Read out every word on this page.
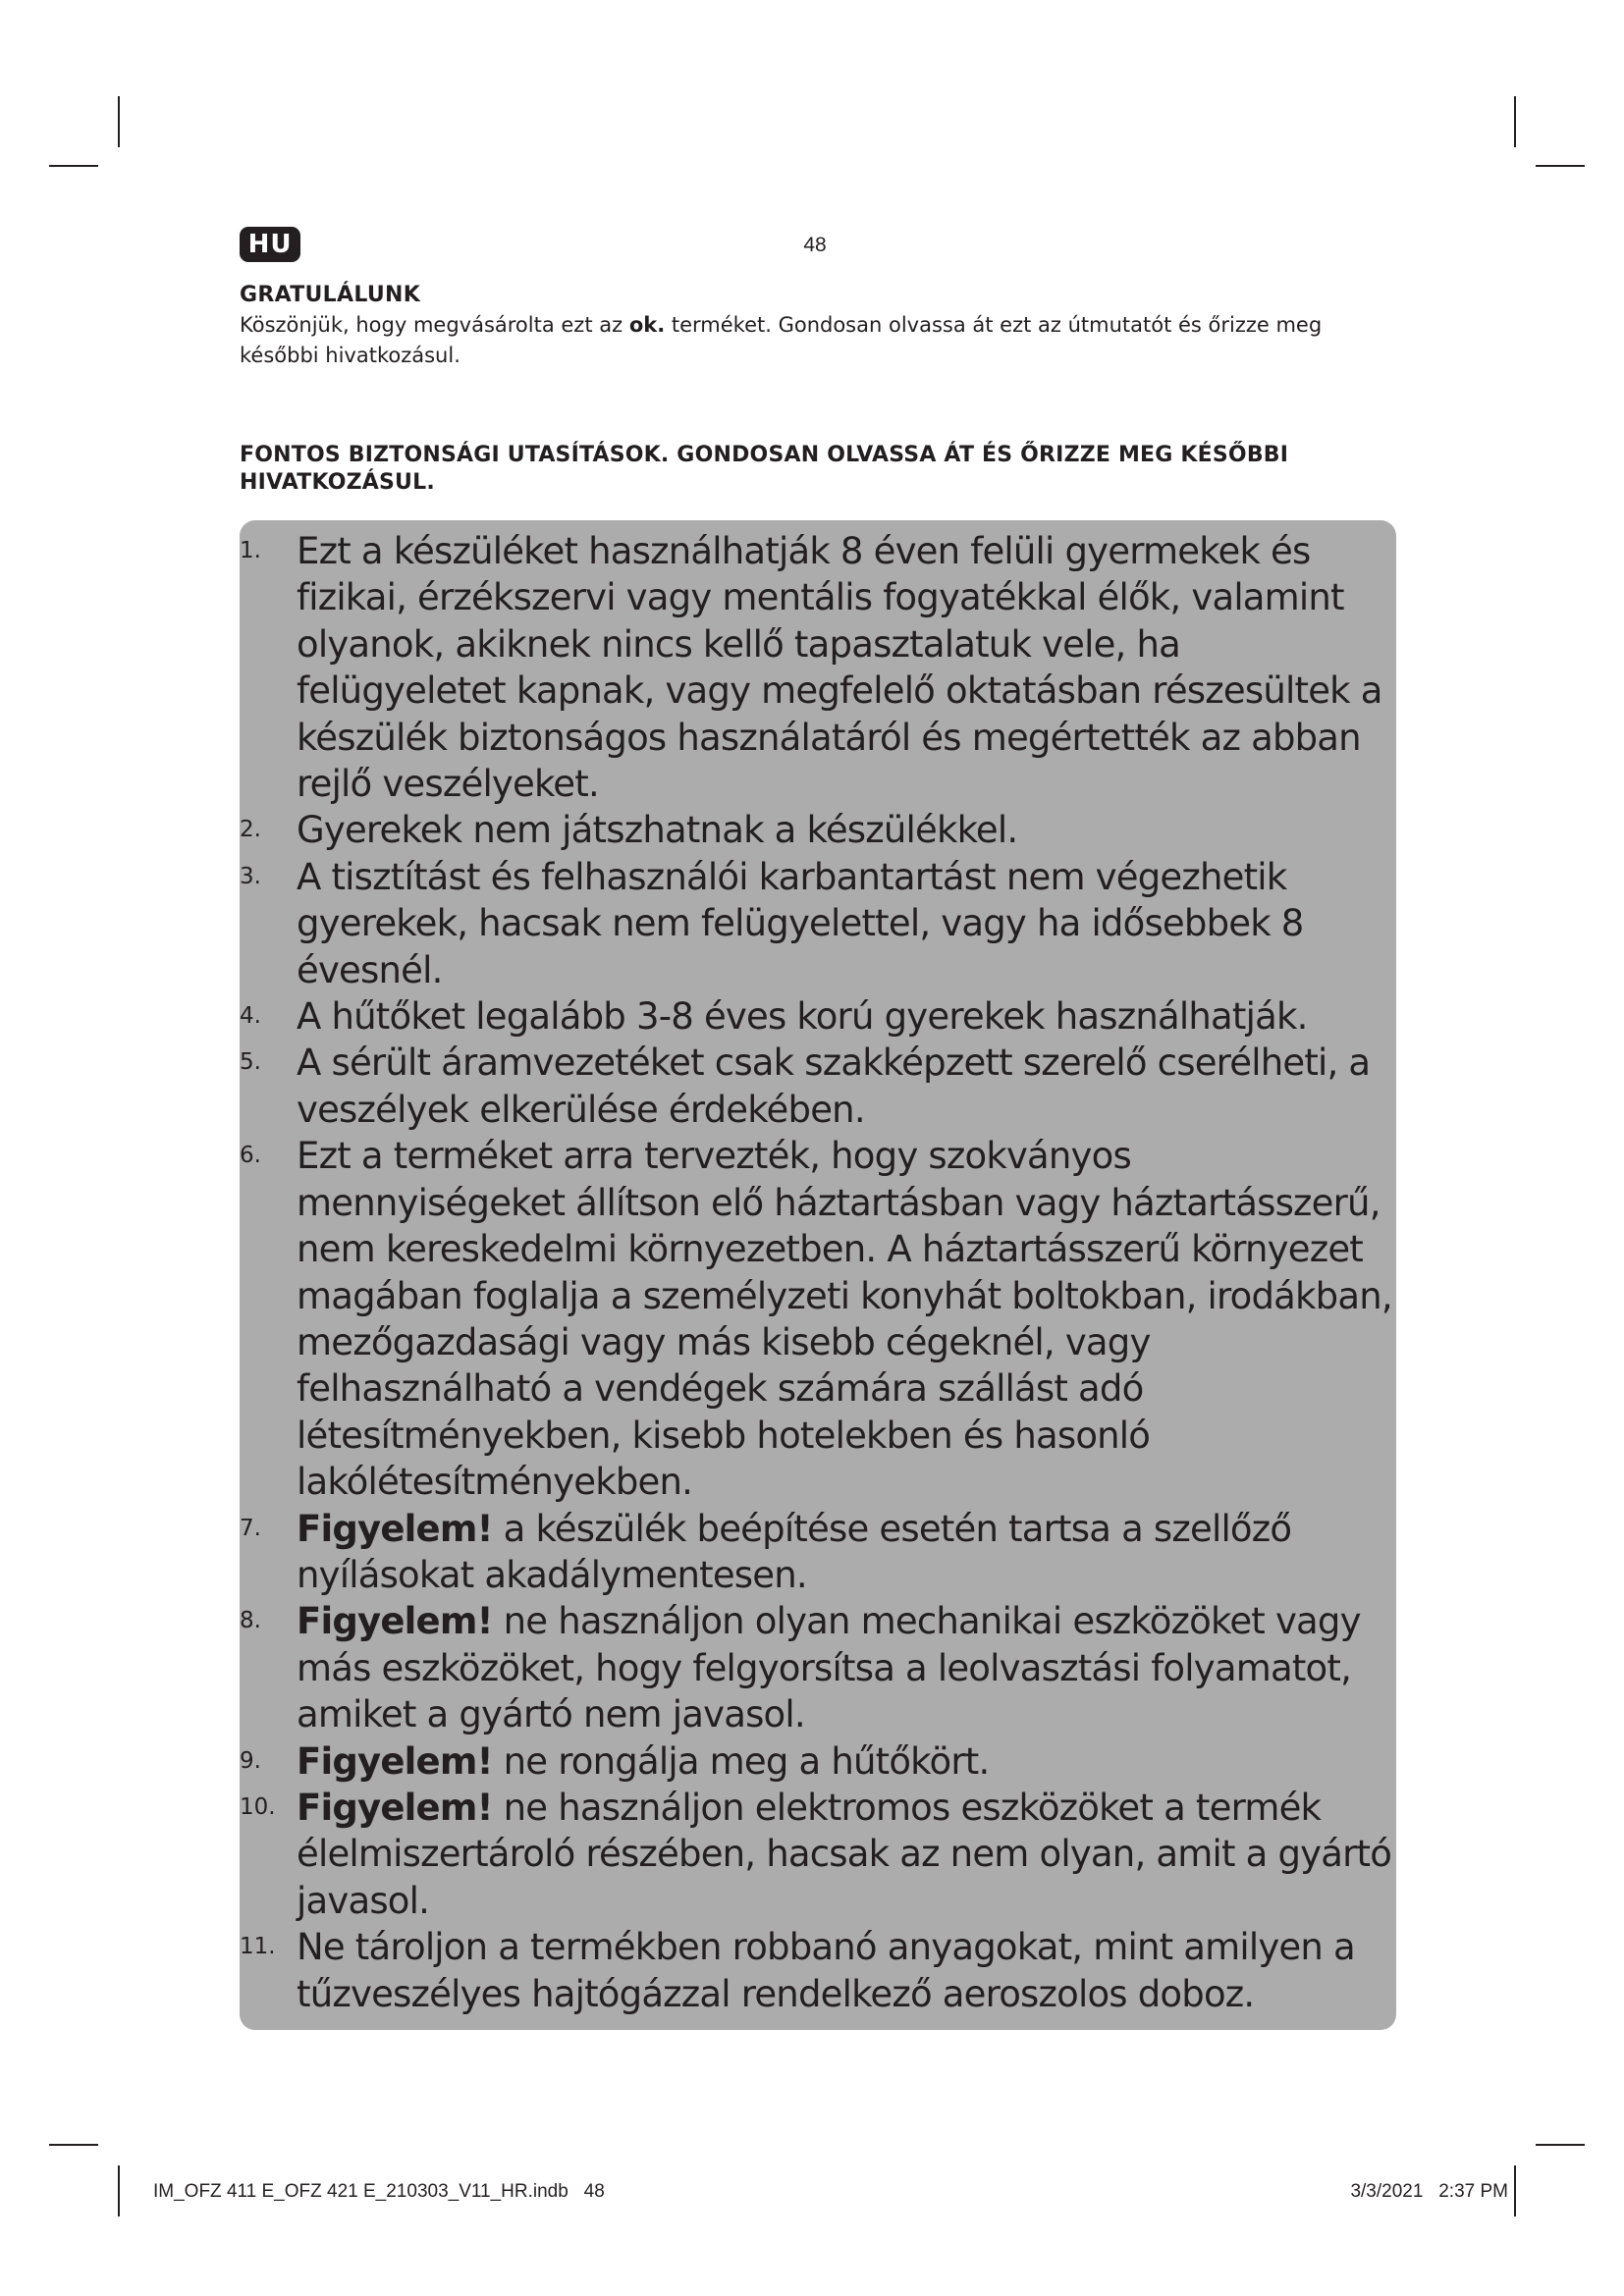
HU	48
GRATULÁLUNK
Köszönjük, hogy megvásárolta ezt az ok. terméket. Gondosan olvassa át ezt az útmutatót és őrizze meg későbbi hivatkozásul.
FONTOS BIZTONSÁGI UTASÍTÁSOK. GONDOSAN OLVASSA ÁT ÉS ŐRIZZE MEG KÉSŐBBI HIVATKOZÁSUL.
1. Ezt a készüléket használhatják 8 éven felüli gyermekek és fizikai, érzékszervi vagy mentális fogyatékkal élők, valamint olyanok, akiknek nincs kellő tapasztalatuk vele, ha felügyeletet kapnak, vagy megfelelő oktatásban részesültek a készülék biztonságos használatáról és megértették az abban rejlő veszélyeket.
2. Gyerekek nem játszhatnak a készülékkel.
3. A tisztítást és felhasználói karbantartást nem végezhetik gyerekek, hacsak nem felügyelettel, vagy ha idősebbek 8 évesnél.
4. A hűtőket legalább 3-8 éves korú gyerekek használhatják.
5. A sérült áramvezetéket csak szakképzett szerelő cserélheti, a veszélyek elkerülése érdekében.
6. Ezt a terméket arra tervezték, hogy szokványos mennyiségeket állítson elő háztartásban vagy háztartásszerű, nem kereskedelmi környezetben. A háztartásszerű környezet magában foglalja a személyzeti konyhát boltokban, irodákban, mezőgazdasági vagy más kisebb cégeknél, vagy felhasználható a vendégek számára szállást adó létesítményekben, kisebb hotelekben és hasonló lakólétesítményekben.
7. Figyelem! a készülék beépítése esetén tartsa a szellőző nyílásokat akadálymentesen.
8. Figyelem! ne használjon olyan mechanikai eszközöket vagy más eszközöket, hogy felgyorsítsa a leolvasztási folyamatot, amiket a gyártó nem javasol.
9. Figyelem! ne rongálja meg a hűtőkört.
10. Figyelem! ne használjon elektromos eszközöket a termék élelmiszertároló részében, hacsak az nem olyan, amit a gyártó javasol.
11. Ne tároljon a termékben robbanó anyagokat, mint amilyen a tűzveszélyes hajtógázzal rendelkező aeroszolos doboz.
IM_OFZ 411 E_OFZ 421 E_210303_V11_HR.indb   48	3/3/2021   2:37 PM
